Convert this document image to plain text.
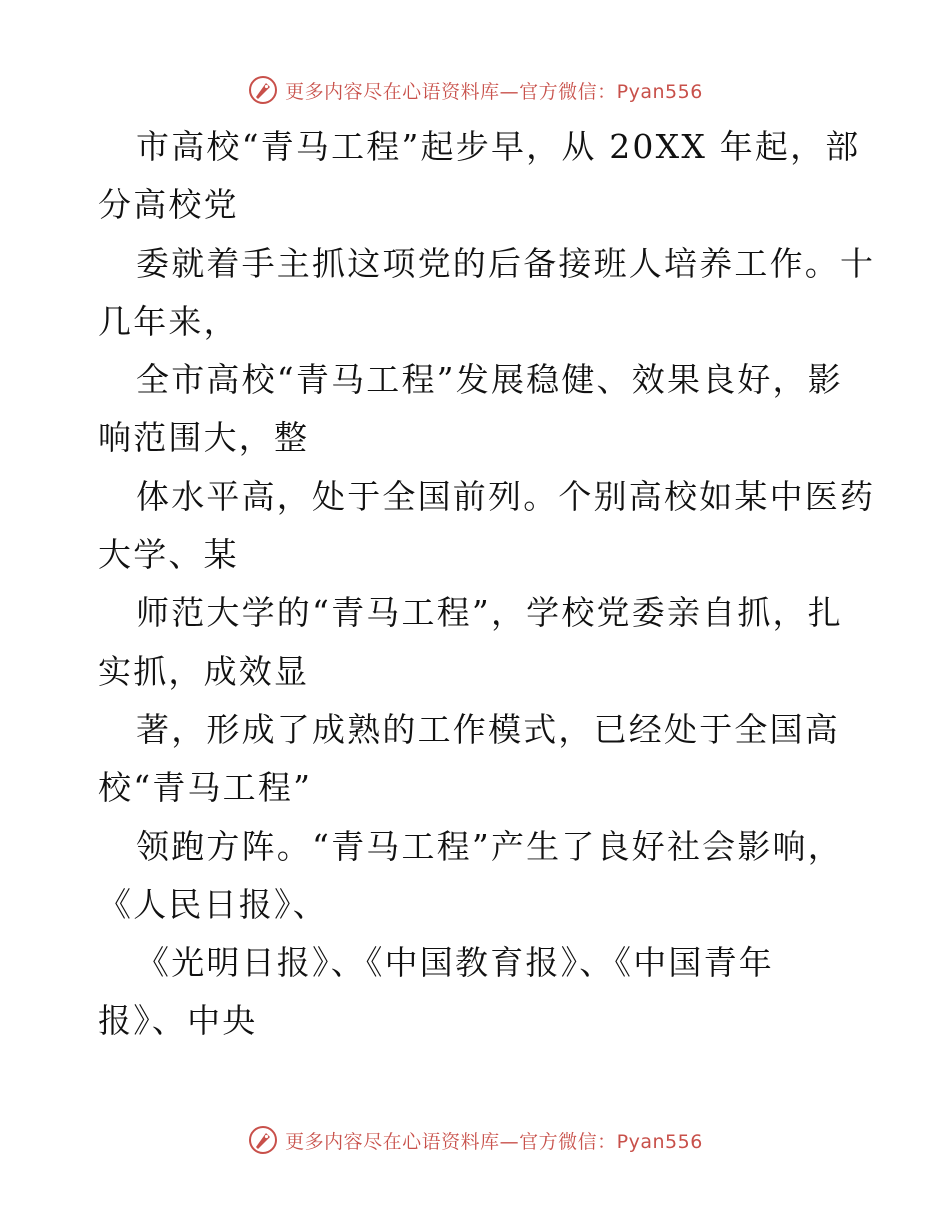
更多内容尽在心语资料库—官方微信：Pyan556
市高校“青马工程”起步早，从 20XX 年起，部
分高校党
委就着手主抓这项党的后备接班人培养工作。十
几年来，
全市高校“青马工程”发展稳健、效果良好，影
响范围大，整
体水平高，处于全国前列。个别高校如某中医药
大学、某
师范大学的“青马工程”，学校党委亲自抓，扎
实抓，成效显
著，形成了成熟的工作模式，已经处于全国高
校“青马工程”
领跑方阵。“青马工程”产生了良好社会影响，
《人民日报》、
《光明日报》、《中国教育报》、《中国青年
报》、中央
更多内容尽在心语资料库—官方微信：Pyan556
